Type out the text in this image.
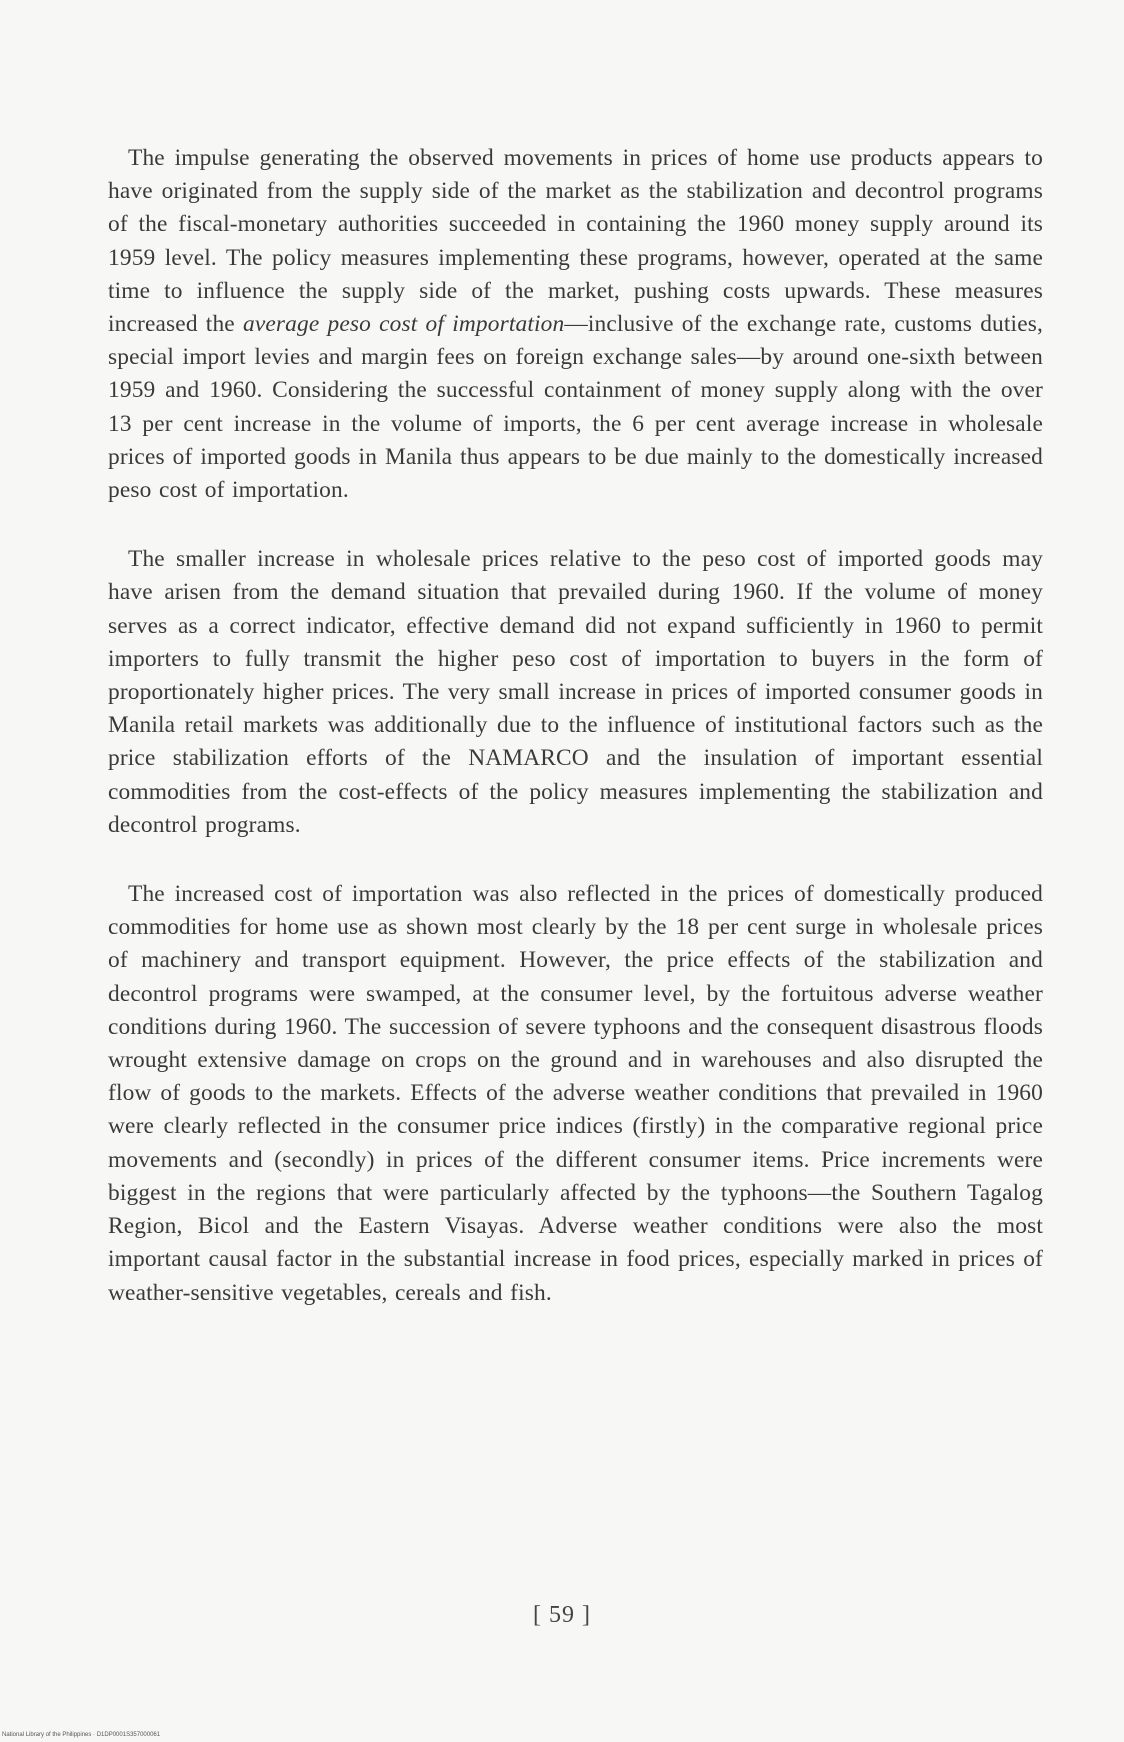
The impulse generating the observed movements in prices of home use products appears to have originated from the supply side of the market as the stabilization and decontrol programs of the fiscal-monetary authorities succeeded in containing the 1960 money supply around its 1959 level. The policy measures implementing these programs, however, operated at the same time to influence the supply side of the market, pushing costs upwards. These measures increased the average peso cost of importation—inclusive of the exchange rate, customs duties, special import levies and margin fees on foreign exchange sales—by around one-sixth between 1959 and 1960. Considering the successful containment of money supply along with the over 13 per cent increase in the volume of imports, the 6 per cent average increase in wholesale prices of imported goods in Manila thus appears to be due mainly to the domestically increased peso cost of importation.

The smaller increase in wholesale prices relative to the peso cost of imported goods may have arisen from the demand situation that prevailed during 1960. If the volume of money serves as a correct indicator, effective demand did not expand sufficiently in 1960 to permit importers to fully transmit the higher peso cost of importation to buyers in the form of proportionately higher prices. The very small increase in prices of imported consumer goods in Manila retail markets was additionally due to the influence of institutional factors such as the price stabilization efforts of the NAMARCO and the insulation of important essential commodities from the cost-effects of the policy measures implementing the stabilization and decontrol programs.

The increased cost of importation was also reflected in the prices of domestically produced commodities for home use as shown most clearly by the 18 per cent surge in wholesale prices of machinery and transport equipment. However, the price effects of the stabilization and decontrol programs were swamped, at the consumer level, by the fortuitous adverse weather conditions during 1960. The succession of severe typhoons and the consequent disastrous floods wrought extensive damage on crops on the ground and in warehouses and also disrupted the flow of goods to the markets. Effects of the adverse weather conditions that prevailed in 1960 were clearly reflected in the consumer price indices (firstly) in the comparative regional price movements and (secondly) in prices of the different consumer items. Price increments were biggest in the regions that were particularly affected by the typhoons—the Southern Tagalog Region, Bicol and the Eastern Visayas. Adverse weather conditions were also the most important causal factor in the substantial increase in food prices, especially marked in prices of weather-sensitive vegetables, cereals and fish.

[ 59 ]
National Library of the Philippines · D1DP0001S357000061
